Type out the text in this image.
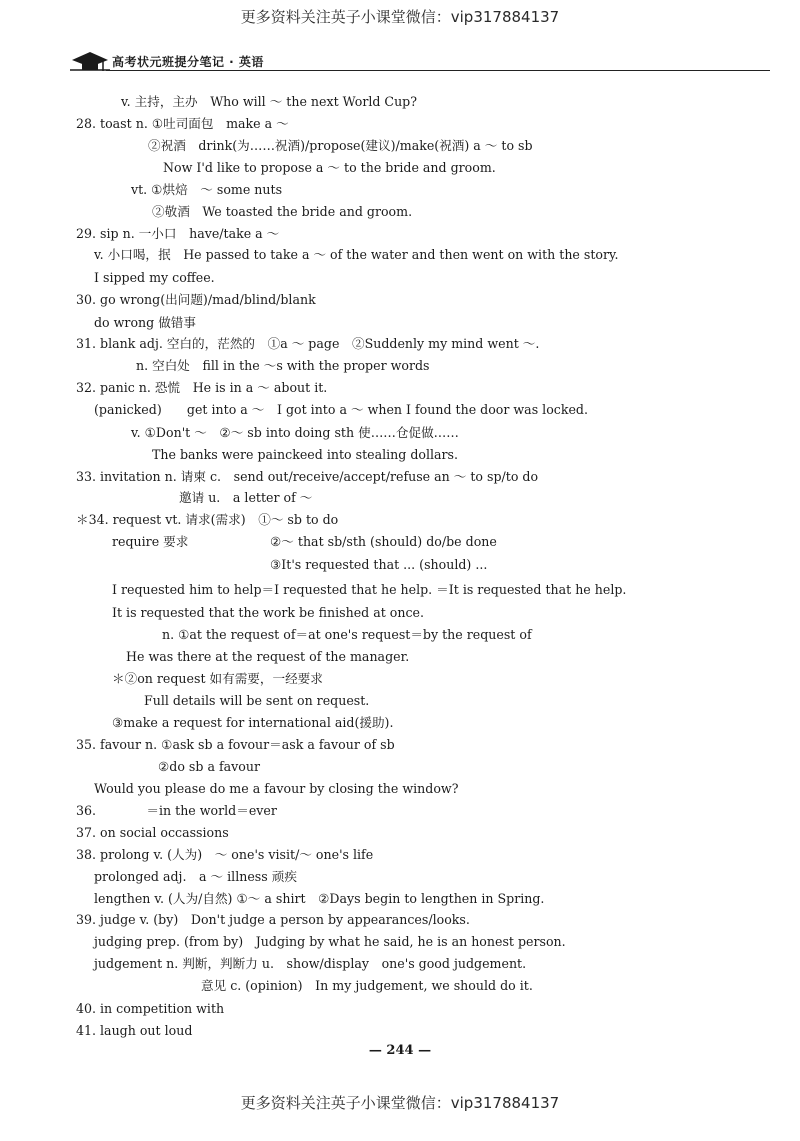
更多资料关注英子小课堂微信：vip317884137
高考状元班提分笔记 · 英语
v. 主持，主办　Who will ～ the next World Cup?
28. toast n. ①吐司面包　make a ～
②祝酒　drink(为……祝酒)/propose(建议)/make(祝酒) a ～ to sb
Now I'd like to propose a ～ to the bride and groom.
vt. ①烘焙　～ some nuts
②敬酒　We toasted the bride and groom.
29. sip n. 一小口　have/take a ～
v. 小口喝，抿　He passed to take a ～ of the water and then went on with the story.
I sipped my coffee.
30. go wrong(出问题)/mad/blind/blank
do wrong 做错事
31. blank adj. 空白的，茫然的　①a ～ page　②Suddenly my mind went ～.
n. 空白处　fill in the ～s with the proper words
32. panic n. 恐慌　He is in a ～ about it.
(panicked)　　get into a ～　I got into a ～ when I found the door was locked.
v. ①Don't ～　②～ sb into doing sth 使……仓促做……
The banks were painckeed into stealing dollars.
33. invitation n. 请柬 c.　send out/receive/accept/refuse an ～ to sp/to do
邀请 u.　a letter of ～
＊34. request vt. 请求(需求)　①～ sb to do
require 要求	②～ that sb/sth (should) do/be done
③It's requested that ... (should) ...
I requested him to help＝I requested that he help. ＝It is requested that he help.
It is requested that the work be finished at once.
n. ①at the request of＝at one's request＝by the request of
He was there at the request of the manager.
＊②on request 如有需要，一经要求
Full details will be sent on request.
③make a request for international aid(援助).
35. favour n. ①ask sb a fovour＝ask a favour of sb
②do sb a favour
Would you please do me a favour by closing the window?
36.　　　　＝in the world＝ever
37. on social occassions
38. prolong v. (人为)　～ one's visit/～ one's life
prolonged adj.　a ～ illness 顽疾
lengthen v. (人为/自然) ①～ a shirt　②Days begin to lengthen in Spring.
39. judge v. (by)　Don't judge a person by appearances/looks.
judging prep. (from by)　Judging by what he said, he is an honest person.
judgement n. 判断，判断力 u.　show/display　one's good judgement.
意见 c. (opinion)　In my judgement, we should do it.
40. in competition with
41. laugh out loud
— 244 —
更多资料关注英子小课堂微信：vip317884137
